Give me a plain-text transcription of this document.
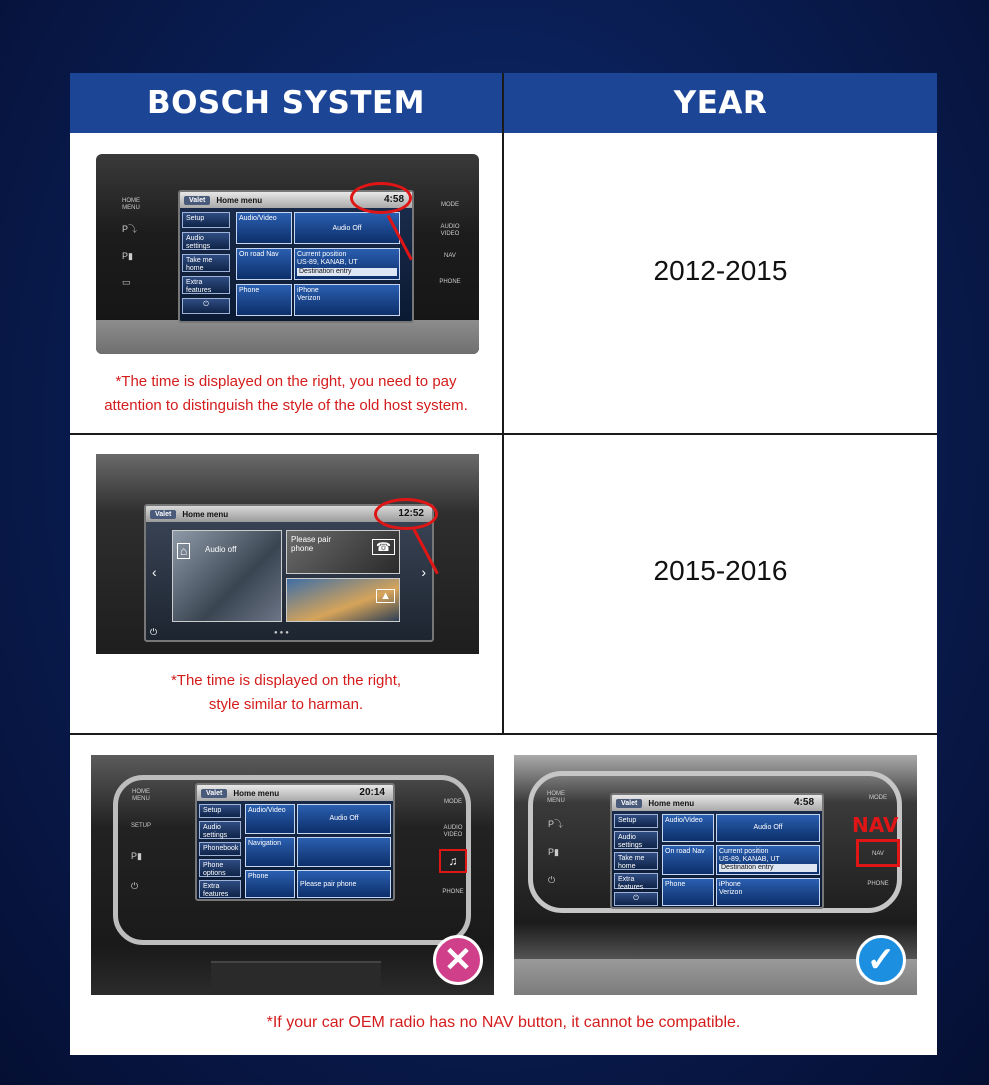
BOSCH SYSTEM	YEAR
HOME MENU
P⤵
P▮
▭
Valet	Home menu	4:58
Setup
Audio settings
Take me home
Extra features
⏻
Audio/Video
Audio Off
On road Nav	Current position
US-89, KANAB, UT
Destination entry
Phone	iPhone
Verizon
MODE
AUDIO VIDEO
NAV
PHONE
*The time is displayed on the right, you need to pay
attention to distinguish the style of the old host system.
2012-2015
Valet	Home menu	12:52
Audio off
⌂
Please pair phone	☎
▲
‹	›
⏻	●●●
*The time is displayed on the right,
style similar to harman.
2015-2016
HOME MENU
SETUP
P▮
⏻
Valet	Home menu	20:14
Setup
Audio settings
Phonebook
Phone options
Extra features
Audio/Video
Audio Off
Navigation
Phone
Please pair phone
MODE
AUDIO VIDEO
♫
PHONE
✕
HOME MENU
P⤵
P▮
⏻
Valet	Home menu	4:58
Setup
Audio settings
Take me home
Extra features
⏻
Audio/Video
Audio Off
On road Nav	Current position
US-89, KANAB, UT
Destination entry
Phone	iPhone
Verizon
MODE
NAV
PHONE
NAV
✓
*If your car OEM radio has no NAV button, it cannot be compatible.
